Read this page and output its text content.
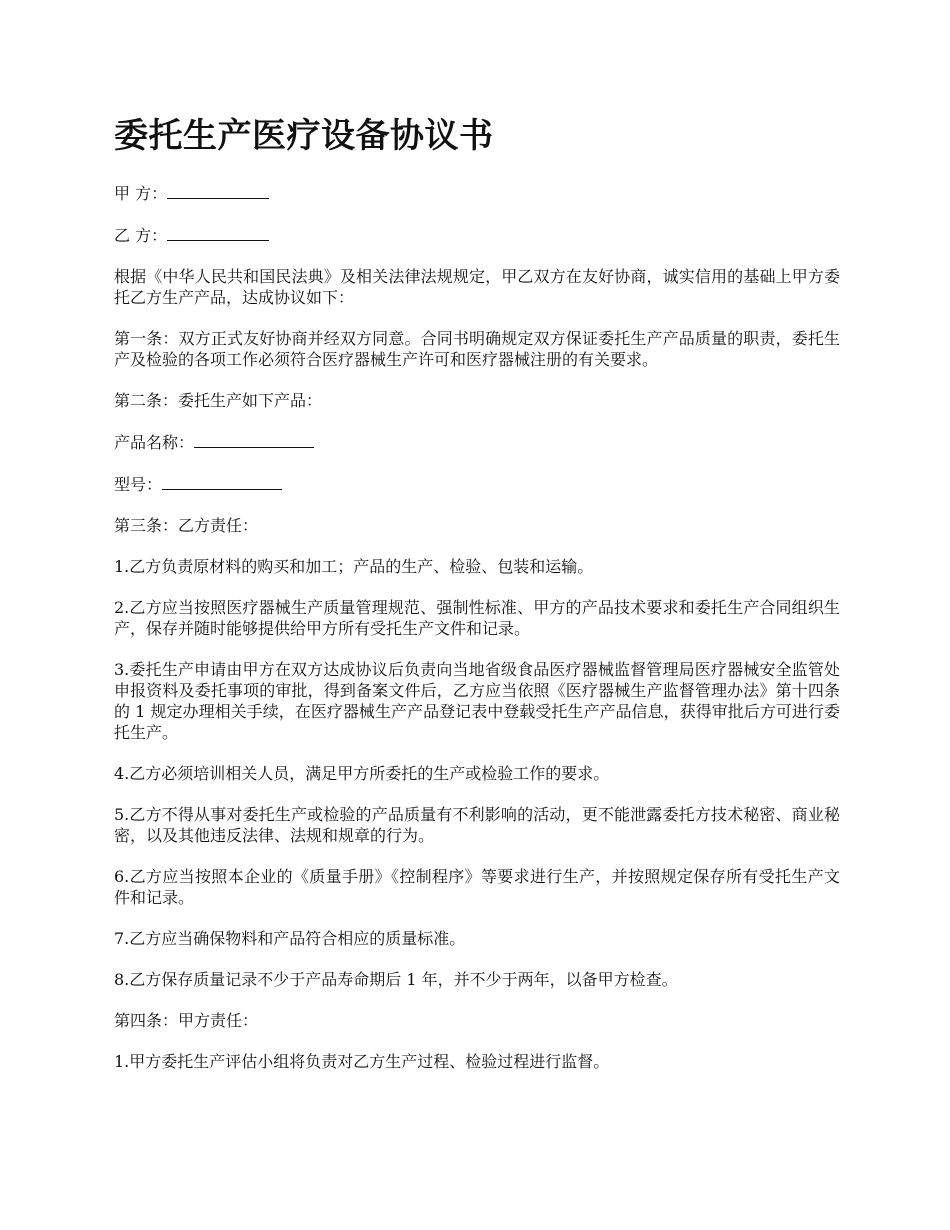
委托生产医疗设备协议书

甲 方：

乙 方：

根据《中华人民共和国民法典》及相关法律法规规定，甲乙双方在友好协商，诚实信用的基础上甲方委托乙方生产产品，达成协议如下：

第一条：双方正式友好协商并经双方同意。合同书明确规定双方保证委托生产产品质量的职责，委托生产及检验的各项工作必须符合医疗器械生产许可和医疗器械注册的有关要求。

第二条：委托生产如下产品：

产品名称：

型号：

第三条：乙方责任：

1.乙方负责原材料的购买和加工；产品的生产、检验、包装和运输。

2.乙方应当按照医疗器械生产质量管理规范、强制性标准、甲方的产品技术要求和委托生产合同组织生产，保存并随时能够提供给甲方所有受托生产文件和记录。

3.委托生产申请由甲方在双方达成协议后负责向当地省级食品医疗器械监督管理局医疗器械安全监管处申报资料及委托事项的审批，得到备案文件后，乙方应当依照《医疗器械生产监督管理办法》第十四条的 1 规定办理相关手续，在医疗器械生产产品登记表中登载受托生产产品信息，获得审批后方可进行委托生产。

4.乙方必须培训相关人员，满足甲方所委托的生产或检验工作的要求。

5.乙方不得从事对委托生产或检验的产品质量有不利影响的活动，更不能泄露委托方技术秘密、商业秘密，以及其他违反法律、法规和规章的行为。

6.乙方应当按照本企业的《质量手册》《控制程序》等要求进行生产，并按照规定保存所有受托生产文件和记录。

7.乙方应当确保物料和产品符合相应的质量标准。

8.乙方保存质量记录不少于产品寿命期后 1 年，并不少于两年，以备甲方检查。

第四条：甲方责任：

1.甲方委托生产评估小组将负责对乙方生产过程、检验过程进行监督。
